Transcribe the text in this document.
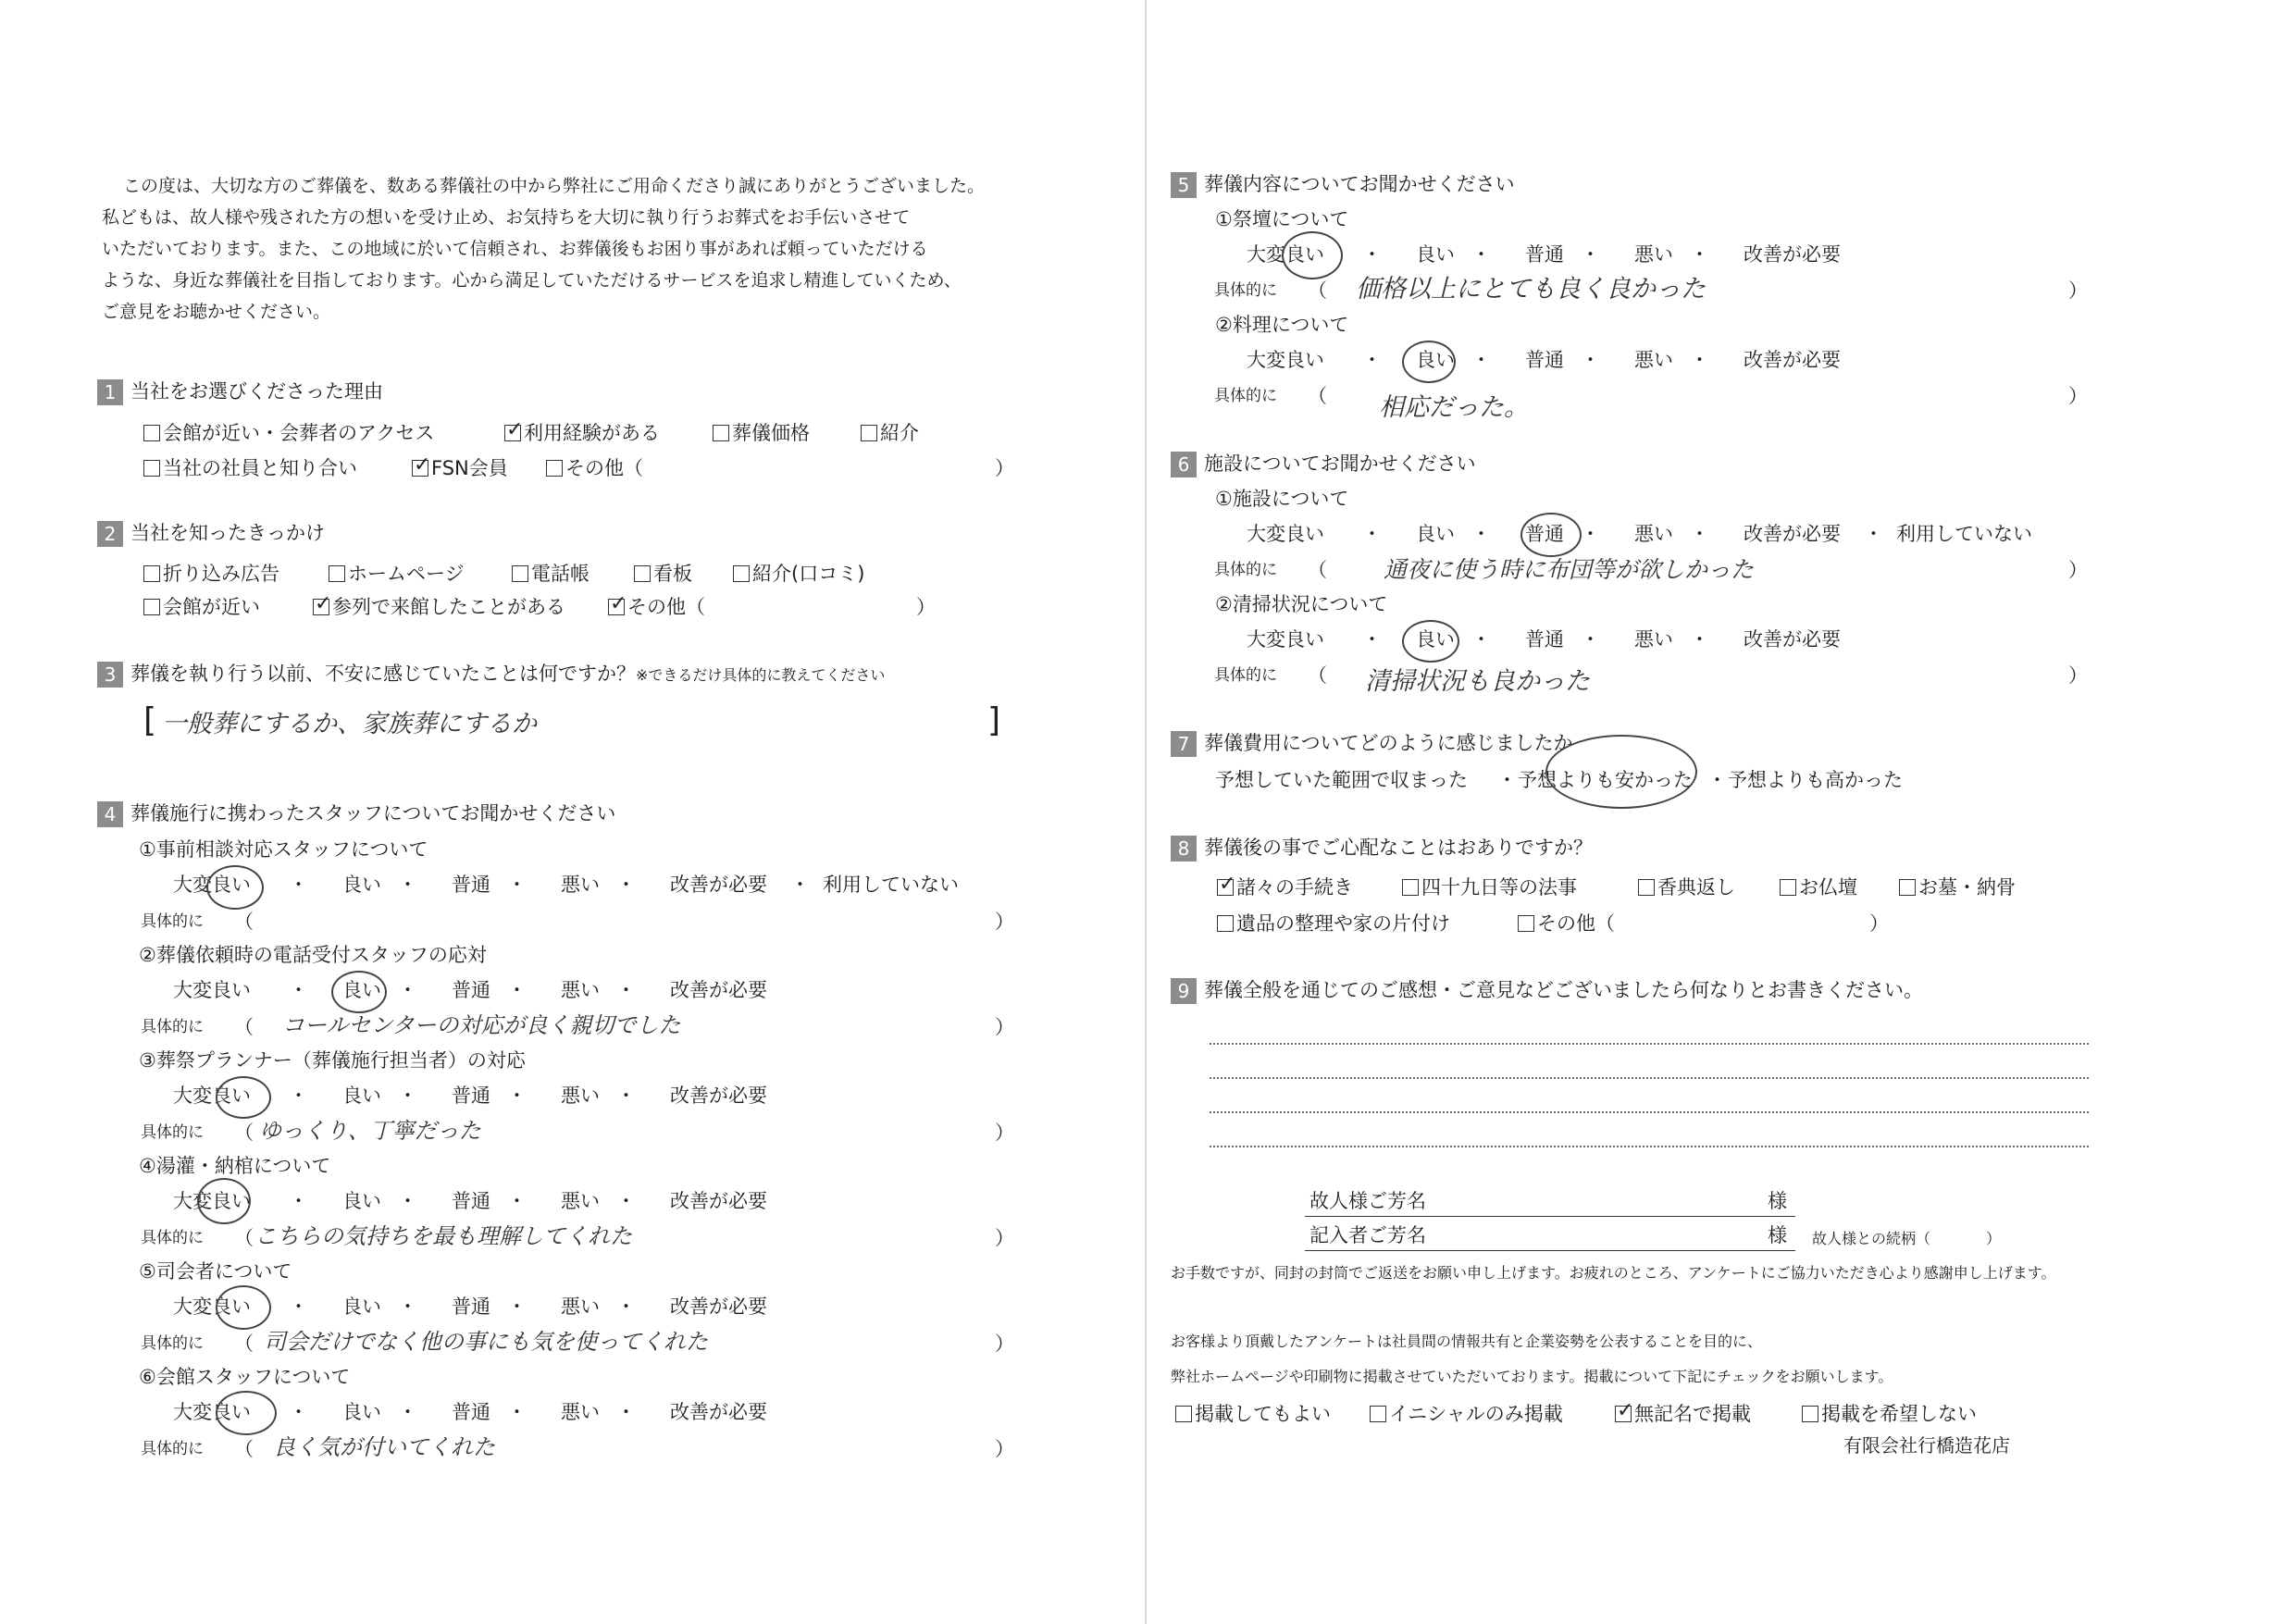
この度は、大切な方のご葬儀を、数ある葬儀社の中から弊社にご用命くださり誠にありがとうございました。
私どもは、故人様や残された方の想いを受け止め、お気持ちを大切に執り行うお葬式をお手伝いさせて
いただいております。また、この地域に於いて信頼され、お葬儀後もお困り事があれば頼っていただける
ような、身近な葬儀社を目指しております。心から満足していただけるサービスを追求し精進していくため、
ご意見をお聴かせください。
1 当社をお選びくださった理由
会館が近い・会葬者のアクセス ✓	利用経験がある	葬儀価格	紹介
当社の社員と知り合い ✓	FSN会員	その他（	）
2 当社を知ったきっかけ
折り込み広告	ホームページ	電話帳	看板	紹介(口コミ)
会館が近い ✓	参列で来館したことがある ✓	その他（	）
3 葬儀を執り行う以前、不安に感じていたことは何ですか？※できるだけ具体的に教えてください
[ 一般葬にするか、家族葬にするか	]
4 葬儀施行に携わったスタッフについてお聞かせください
①事前相談対応スタッフについて
大変良い ・ 良い ・ 普通 ・ 悪い ・ 改善が必要 ・ 利用していない
具体的に （	）
②葬儀依頼時の電話受付スタッフの応対
大変良い ・ 良い ・ 普通 ・ 悪い ・ 改善が必要
具体的に （ コールセンターの対応が良く親切でした	）
③葬祭プランナー（葬儀施行担当者）の対応
大変良い ・ 良い ・ 普通 ・ 悪い ・ 改善が必要
具体的に （ ゆっくり、丁寧だった	）
④湯灌・納棺について
大変良い ・ 良い ・ 普通 ・ 悪い ・ 改善が必要
具体的に （ こちらの気持ちを最も理解してくれた	）
⑤司会者について
大変良い ・ 良い ・ 普通 ・ 悪い ・ 改善が必要
具体的に （ 司会だけでなく他の事にも気を使ってくれた	）
⑥会館スタッフについて
大変良い ・ 良い ・ 普通 ・ 悪い ・ 改善が必要
具体的に （ 良く気が付いてくれた	）
5 葬儀内容についてお聞かせください
①祭壇について
大変良い ・ 良い ・ 普通 ・ 悪い ・ 改善が必要
具体的に （ 価格以上にとても良く良かった	）
②料理について
大変良い ・ 良い ・ 普通 ・ 悪い ・ 改善が必要
具体的に （ 相応だった。	）
6 施設についてお聞かせください
①施設について
大変良い ・ 良い ・ 普通 ・ 悪い ・ 改善が必要 ・ 利用していない
具体的に （ 通夜に使う時に布団等が欲しかった	）
②清掃状況について
大変良い ・ 良い ・ 普通 ・ 悪い ・ 改善が必要
具体的に （ 清掃状況も良かった	）
7 葬儀費用についてどのように感じましたか
予想していた範囲で収まった ・予想よりも安かった ・予想よりも高かった
8 葬儀後の事でご心配なことはおありですか？
✓諸々の手続き	四十九日等の法事	香典返し	お仏壇	お墓・納骨
遺品の整理や家の片付け	その他（	）
9 葬儀全般を通じてのご感想・ご意見などございましたら何なりとお書きください。
故人様ご芳名	様
記入者ご芳名	様 故人様との続柄（	）
お手数ですが、同封の封筒でご返送をお願い申し上げます。お疲れのところ、アンケートにご協力いただき心より感謝申し上げます。
お客様より頂戴したアンケートは社員間の情報共有と企業姿勢を公表することを目的に、
弊社ホームページや印刷物に掲載させていただいております。掲載について下記にチェックをお願いします。
掲載してもよい	イニシャルのみ掲載 ✓	無記名で掲載	掲載を希望しない
有限会社行橋造花店
